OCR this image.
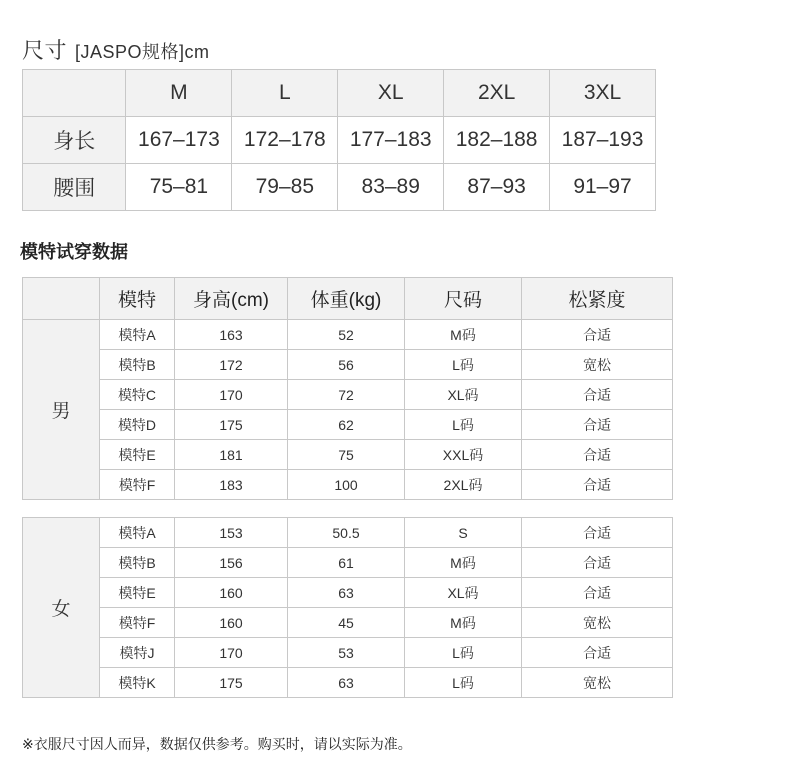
尺寸 [JASPO规格]cm
	M	L	XL	2XL	3XL
身长	167–173	172–178	177–183	182–188	187–193
腰围	75–81	79–85	83–89	87–93	91–97
模特试穿数据
	模特	身高(cm)	体重(kg)	尺码	松紧度
男	模特A	163	52	M码	合适
	模特B	172	56	L码	宽松
	模特C	170	72	XL码	合适
	模特D	175	62	L码	合适
	模特E	181	75	XXL码	合适
	模特F	183	100	2XL码	合适
女	模特A	153	50.5	S	合适
	模特B	156	61	M码	合适
	模特E	160	63	XL码	合适
	模特F	160	45	M码	宽松
	模特J	170	53	L码	合适
	模特K	175	63	L码	宽松
※衣服尺寸因人而异，数据仅供参考。购买时，请以实际为准。
